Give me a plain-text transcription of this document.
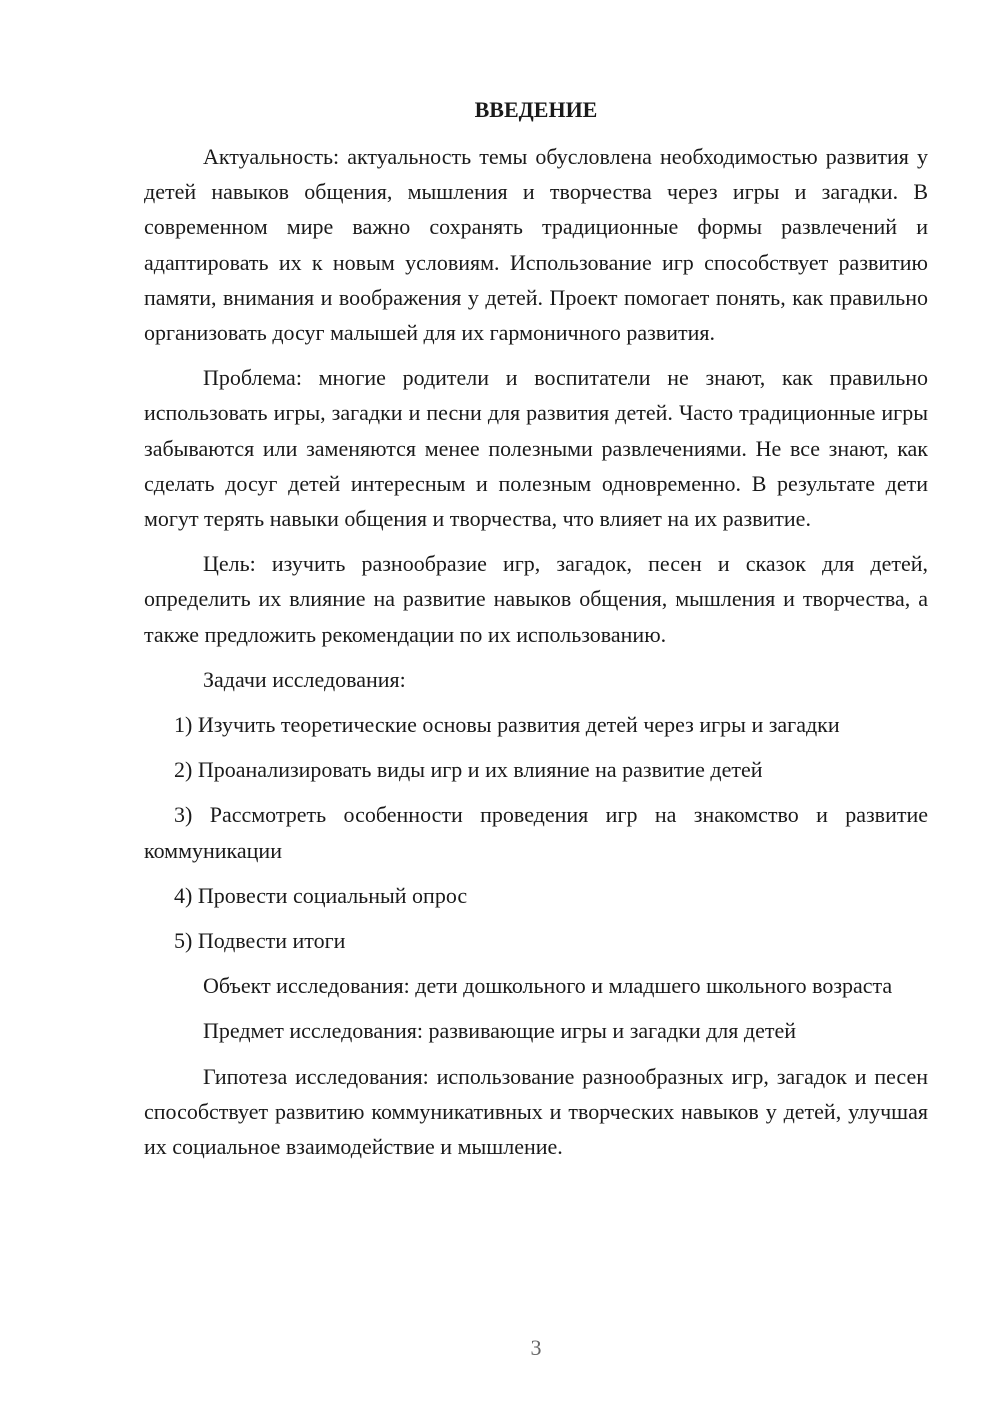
ВВЕДЕНИЕ

Актуальность: актуальность темы обусловлена необходимостью развития у детей навыков общения, мышления и творчества через игры и загадки. В современном мире важно сохранять традиционные формы развлечений и адаптировать их к новым условиям. Использование игр способствует развитию памяти, внимания и воображения у детей. Проект помогает понять, как правильно организовать досуг малышей для их гармоничного развития.

Проблема: многие родители и воспитатели не знают, как правильно использовать игры, загадки и песни для развития детей. Часто традиционные игры забываются или заменяются менее полезными развлечениями. Не все знают, как сделать досуг детей интересным и полезным одновременно. В результате дети могут терять навыки общения и творчества, что влияет на их развитие.

Цель: изучить разнообразие игр, загадок, песен и сказок для детей, определить их влияние на развитие навыков общения, мышления и творчества, а также предложить рекомендации по их использованию.

Задачи исследования:

1) Изучить теоретические основы развития детей через игры и загадки

2) Проанализировать виды игр и их влияние на развитие детей

3) Рассмотреть особенности проведения игр на знакомство и развитие коммуникации

4) Провести социальный опрос

5) Подвести итоги

Объект исследования: дети дошкольного и младшего школьного возраста

Предмет исследования: развивающие игры и загадки для детей

Гипотеза исследования: использование разнообразных игр, загадок и песен способствует развитию коммуникативных и творческих навыков у детей, улучшая их социальное взаимодействие и мышление.

3
